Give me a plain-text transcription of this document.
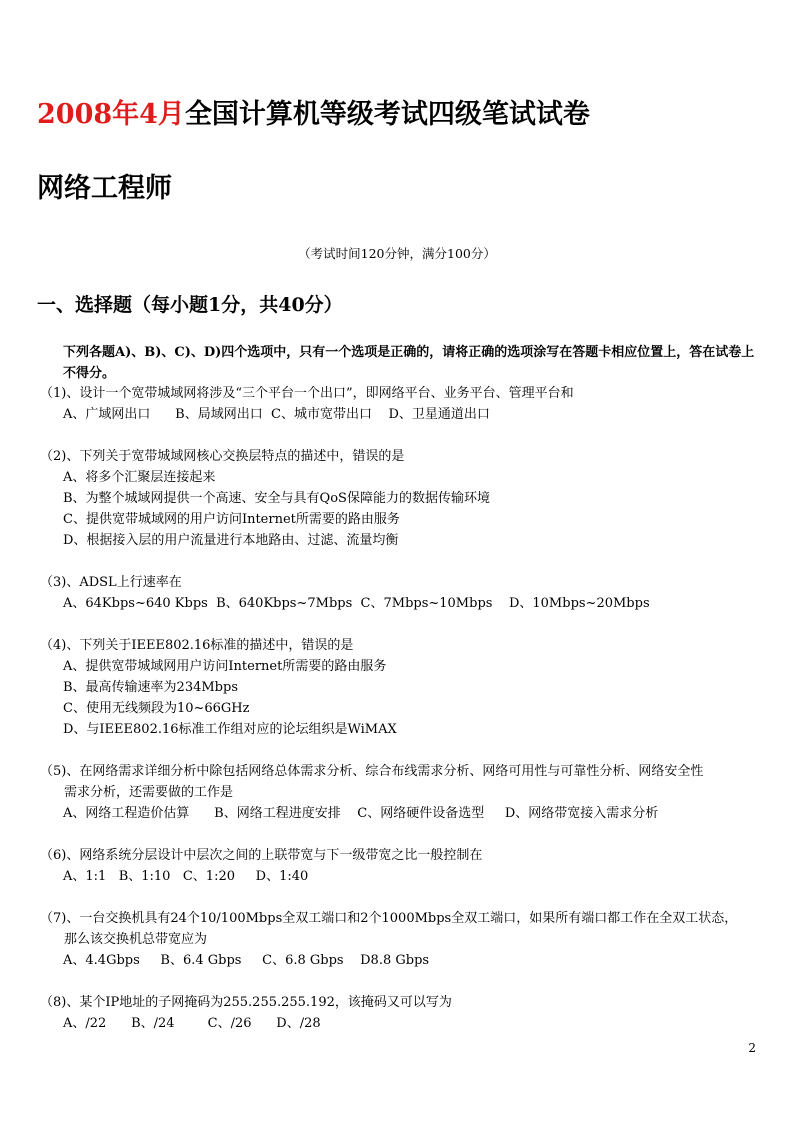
2008年4月全国计算机等级考试四级笔试试卷
网络工程师
（考试时间120分钟，满分100分）
一、选择题（每小题1分，共40分）
下列各题A)、B)、C)、D)四个选项中，只有一个选项是正确的，请将正确的选项涂写在答题卡相应位置上，答在试卷上不得分。
（1)、设计一个宽带城域网将涉及“三个平台一个出口”，即网络平台、业务平台、管理平台和
A、广域网出口      B、局域网出口  C、城市宽带出口    D、卫星通道出口
（2)、下列关于宽带城域网核心交换层特点的描述中，错误的是
A、将多个汇聚层连接起来
B、为整个城域网提供一个高速、安全与具有QoS保障能力的数据传输环境
C、提供宽带城域网的用户访问Internet所需要的路由服务
D、根据接入层的用户流量进行本地路由、过滤、流量均衡
（3)、ADSL上行速率在
A、64Kbps~640 Kbps  B、640Kbps~7Mbps  C、7Mbps~10Mbps    D、10Mbps~20Mbps
（4)、下列关于IEEE802.16标准的描述中，错误的是
A、提供宽带城域网用户访问Internet所需要的路由服务
B、最高传输速率为234Mbps
C、使用无线频段为10~66GHz
D、与IEEE802.16标准工作组对应的论坛组织是WiMAX
（5)、在网络需求详细分析中除包括网络总体需求分析、综合布线需求分析、网络可用性与可靠性分析、网络安全性
需求分析，还需要做的工作是
A、网络工程造价估算      B、网络工程进度安排    C、网络硬件设备选型     D、网络带宽接入需求分析
（6)、网络系统分层设计中层次之间的上联带宽与下一级带宽之比一般控制在
A、1:1   B、1:10   C、1:20     D、1:40
（7)、一台交换机具有24个10/100Mbps全双工端口和2个1000Mbps全双工端口，如果所有端口都工作在全双工状态，
那么该交换机总带宽应为
A、4.4Gbps     B、6.4 Gbps     C、6.8 Gbps    D8.8 Gbps
（8)、某个IP地址的子网掩码为255.255.255.192，该掩码又可以写为
A、/22      B、/24        C、/26      D、/28
2
